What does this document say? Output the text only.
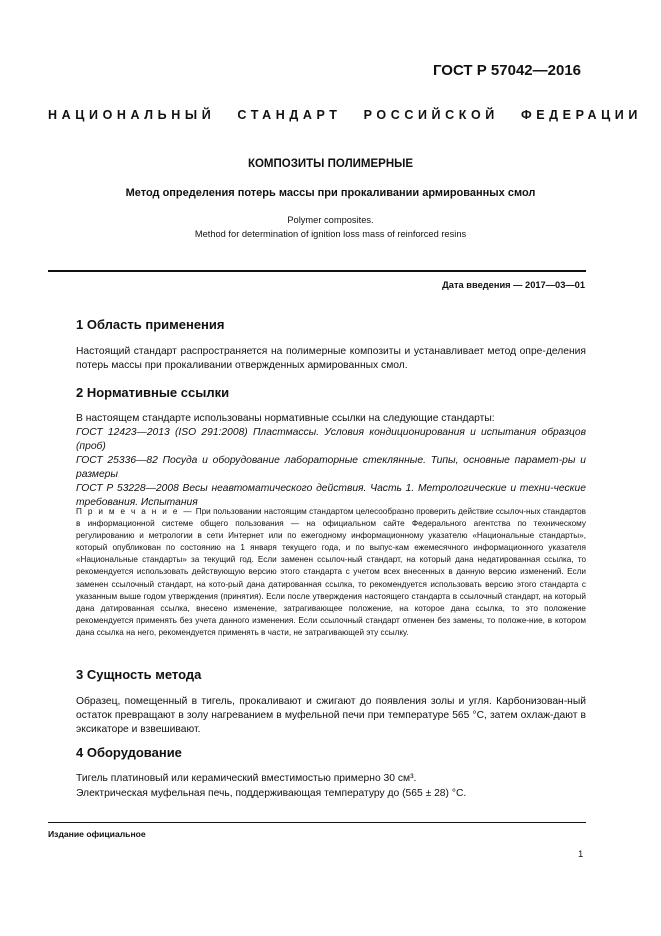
ГОСТ Р 57042—2016
НАЦИОНАЛЬНЫЙ СТАНДАРТ РОССИЙСКОЙ ФЕДЕРАЦИИ
КОМПОЗИТЫ ПОЛИМЕРНЫЕ
Метод определения потерь массы при прокаливании армированных смол
Polymer composites.
Method for determination of ignition loss mass of reinforced resins
Дата введения — 2017—03—01
1 Область применения

Настоящий стандарт распространяется на полимерные композиты и устанавливает метод опре-деления потерь массы при прокаливании отвержденных армированных смол.

2 Нормативные ссылки

В настоящем стандарте использованы нормативные ссылки на следующие стандарты:

ГОСТ 12423—2013 (ISO 291:2008) Пластмассы. Условия кондиционирования и испытания образцов (проб)

ГОСТ 25336—82 Посуда и оборудование лабораторные стеклянные. Типы, основные парамет-ры и размеры

ГОСТ Р 53228—2008 Весы неавтоматического действия. Часть 1. Метрологические и техни-ческие требования. Испытания

П р и м е ч а н и е — При пользовании настоящим стандартом целесообразно проверить действие ссылоч-ных стандартов в информационной системе общего пользования — на официальном сайте Федерального агентства по техническому регулированию и метрологии в сети Интернет или по ежегодному информационному указателю «Национальные стандарты», который опубликован по состоянию на 1 января текущего года, и по выпус-кам ежемесячного информационного указателя «Национальные стандарты» за текущий год. Если заменен ссылоч-ный стандарт, на который дана недатированная ссылка, то рекомендуется использовать действующую версию этого стандарта с учетом всех внесенных в данную версию изменений. Если заменен ссылочный стандарт, на кото-рый дана датированная ссылка, то рекомендуется использовать версию этого стандарта с указанным выше годом утверждения (принятия). Если после утверждения настоящего стандарта в ссылочный стандарт, на который дана датированная ссылка, внесено изменение, затрагивающее положение, на которое дана ссылка, то это положение рекомендуется применять без учета данного изменения. Если ссылочный стандарт отменен без замены, то положе-ние, в котором дана ссылка на него, рекомендуется применять в части, не затрагивающей эту ссылку.
3 Сущность метода

Образец, помещенный в тигель, прокаливают и сжигают до появления золы и угля. Карбонизован-ный остаток превращают в золу нагреванием в муфельной печи при температуре 565 °С, затем охлаж-дают в эксикаторе и взвешивают.

4 Оборудование
Тигель платиновый или керамический вместимостью примерно 30 см³.
Электрическая муфельная печь, поддерживающая температуру до (565 ± 28) °С.
Издание официальное
1
